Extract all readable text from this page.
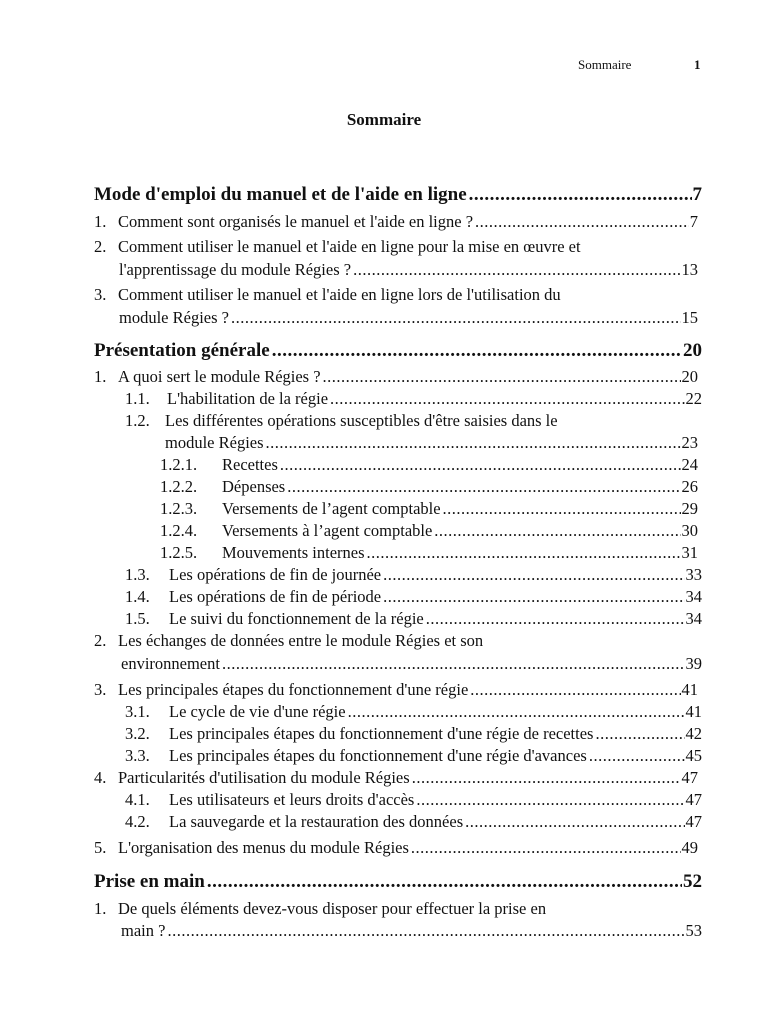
Sommaire	1
Sommaire
Mode d'emploi du manuel et de l'aide en ligne .....	7
1. Comment sont organisés le manuel et l'aide en ligne ? .....	7
2. Comment utiliser le manuel et l'aide en ligne pour la mise en œuvre et
l'apprentissage du module Régies ? .....	13
3. Comment utiliser le manuel et l'aide en ligne lors de l'utilisation du
module Régies ? .....	15
Présentation générale .....	20
1. A quoi sert le module Régies ? .....	20
1.1.	L'habilitation de la régie .....	22
1.2. Les différentes opérations susceptibles d'être saisies dans le
module Régies .....	23
1.2.1.	Recettes .....	24
1.2.2.	Dépenses .....	26
1.2.3.	Versements de l’agent comptable .....	29
1.2.4.	Versements à l’agent comptable .....	30
1.2.5.	Mouvements internes .....	31
1.3.	Les opérations de fin de journée .....	33
1.4.	Les opérations de fin de période .....	34
1.5.	Le suivi du fonctionnement de la régie .....	34
2. Les échanges de données entre le module Régies et son
environnement .....	39
3. Les principales étapes du fonctionnement d'une régie .....	41
3.1.	Le cycle de vie d'une régie .....	41
3.2.	Les principales étapes du fonctionnement d'une régie de recettes .....	42
3.3.	Les principales étapes du fonctionnement d'une régie d'avances .....	45
4. Particularités d'utilisation du module Régies .....	47
4.1.	Les utilisateurs et leurs droits d'accès .....	47
4.2.	La sauvegarde et la restauration des données .....	47
5. L'organisation des menus du module Régies .....	49
Prise en main .....	52
1. De quels éléments devez-vous disposer pour effectuer la prise en
main ? .....	53
